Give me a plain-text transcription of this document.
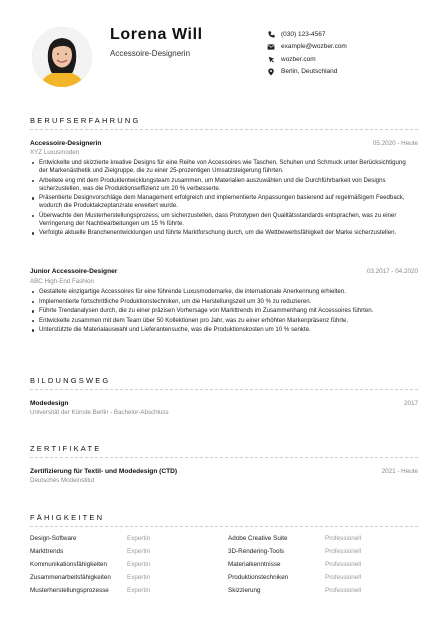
Lorena Will
Accessoire-Designerin
(030) 123-4567
example@wozber.com
wozber.com
Berlin, Deutschland
BERUFSERFAHRUNG
Accessoire-Designerin	05.2020 - Heute
XYZ Luxusmoden
Entwickelte und skizzierte kreative Designs für eine Reihe von Accessoires wie Taschen, Schuhen und Schmuck unter Berücksichtigung der Markenästhetik und Zielgruppe, die zu einer 25-prozentigen Umsatzsteigerung führten.
Arbeitete eng mit dem Produktentwicklungsteam zusammen, um Materialien auszuwählen und die Durchführbarkeit von Designs sicherzustellen, was die Produktionseffizienz um 20 % verbesserte.
Präsentierte Designvorschläge dem Management erfolgreich und implementierte Anpassungen basierend auf regelmäßigem Feedback, wodurch die Produktakzeptanzrate erweitert wurde.
Überwachte den Musterherstellungsprozess, um sicherzustellen, dass Prototypen den Qualitätsstandards entsprachen, was zu einer Verringerung der Nachbearbeitungen um 15 % führte.
Verfolgte aktuelle Branchenentwicklungen und führte Marktforschung durch, um die Wettbewerbsfähigkeit der Marke sicherzustellen.
Junior Accessoire-Designer	03.2017 - 04.2020
ABC High-End Fashion
Gestaltete einzigartige Accessoires für eine führende Luxusmodemarke, die internationale Anerkennung erhielten.
Implementierte fortschrittliche Produktionstechniken, um die Herstellungszeit um 30 % zu reduzieren.
Führte Trendanalysen durch, die zu einer präzisen Vorhersage von Markttrends im Zusammenhang mit Accessoires führten.
Entwickelte zusammen mit dem Team über 50 Kollektionen pro Jahr, was zu einer erhöhten Markenpräsenz führte.
Unterstützte die Materialauswahl und Lieferantensuche, was die Produktionskosten um 10 % senkte.
BILDUNGSWEG
Modedesign	2017
Universität der Künste Berlin - Bachelor-Abschluss
ZERTIFIKATE
Zertifizierung für Textil- und Modedesign (CTD)	2021 - Heute
Deutsches Modeinstitut
FÄHIGKEITEN
Design-Software	Expertin	Adobe Creative Suite	Professionell
Markttrends	Expertin	3D-Rendering-Tools	Professionell
Kommunikationsfähigkeiten	Expertin	Materialkenntnisse	Professionell
Zusammenarbeitsfähigkeiten	Expertin	Produktionstechniken	Professionell
Musterherstellungsprozesse	Expertin	Skizzierung	Professionell
